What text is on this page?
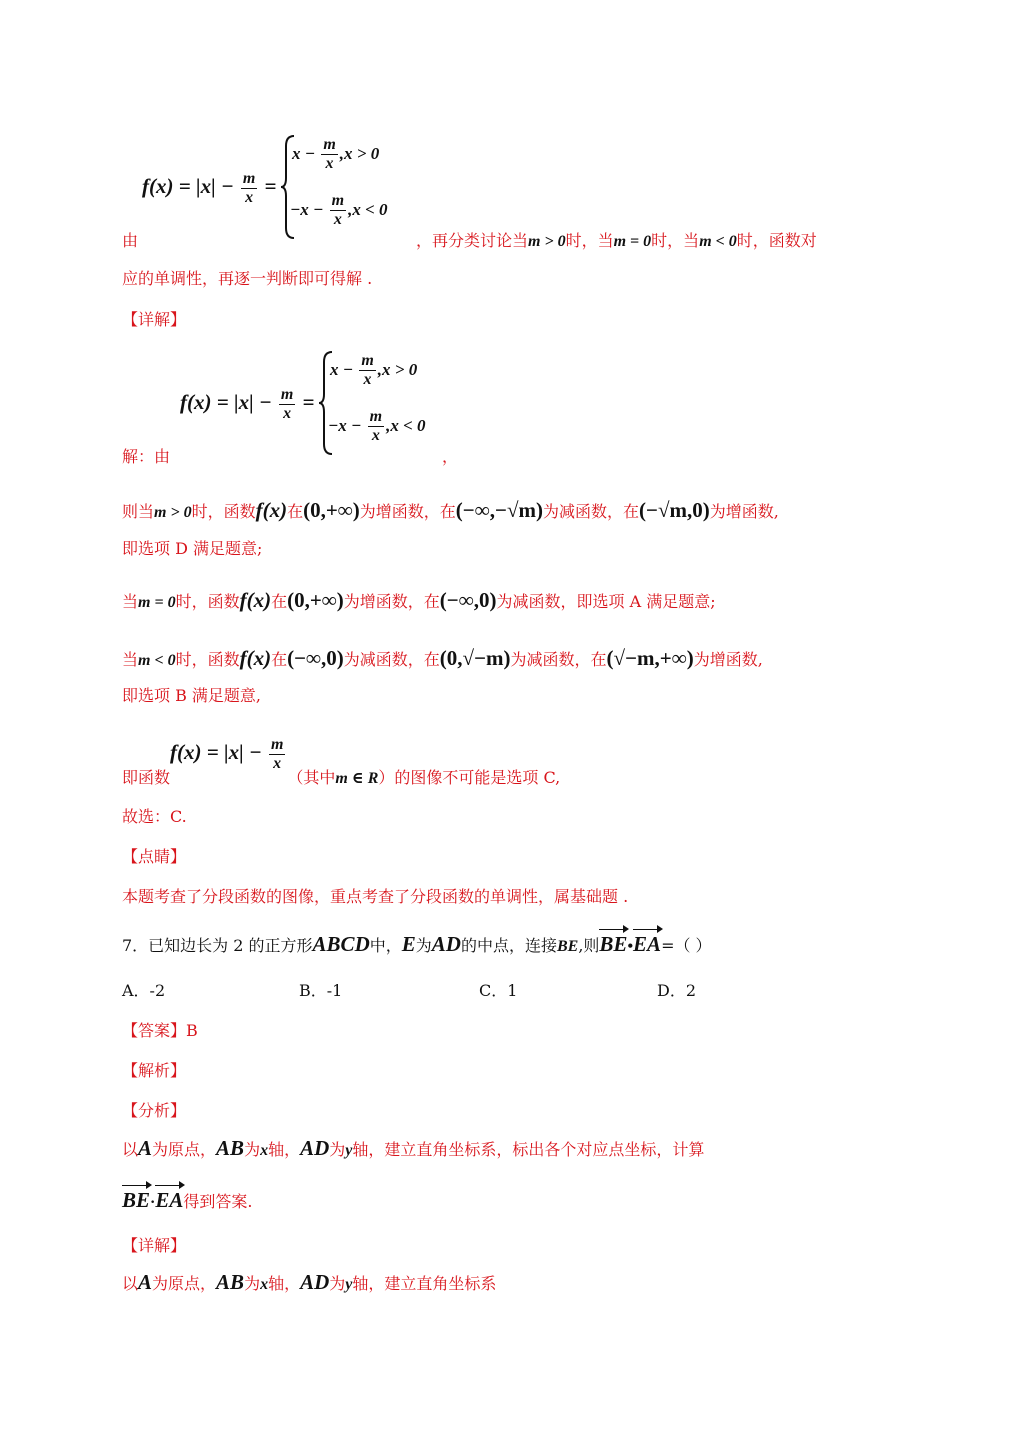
$f(x) = |x| - \frac{m}{x}$ =
$x - \frac{m}{x} ,x > 0$
$-x - \frac{m}{x} ,x < 0$
由	，再分类讨论当m > 0时，当m = 0时，当m < 0时，函数对
应的单调性，再逐一判断即可得解 .
【详解】
$f(x) = |x| - \frac{m}{x}$ =
$x - \frac{m}{x} ,x > 0$
$-x - \frac{m}{x} ,x < 0$
解：由	，
则当m > 0时，函数f(x)在(0,+∞)为增函数，在(−∞,−√m)为减函数，在(−√m,0)为增函数,
即选项 D 满足题意;
当m = 0时，函数f(x)在(0,+∞)为增函数，在(−∞,0)为减函数，即选项 A 满足题意;
当m < 0时，函数f(x)在(−∞,0)为减函数，在(0,√−m)为减函数，在(√−m,+∞)为增函数,
即选项 B 满足题意,
即函数$f(x) = |x| - \frac{m}{x}$
（其中m ∈ R）的图像不可能是选项 C,
故选：C.
【点睛】
本题考查了分段函数的图像，重点考查了分段函数的单调性，属基础题 .
7．已知边长为 2 的正方形ABCD中，E为AD的中点，连接BE,则BE•EA=（ ）
A．-2	B．-1	C．1	D．2
【答案】B
【解析】
【分析】
以A为原点，AB为x轴，AD为y轴，建立直角坐标系，标出各个对应点坐标，计算
BE·EA得到答案.
【详解】
以A为原点，AB为x轴，AD为y轴，建立直角坐标系
